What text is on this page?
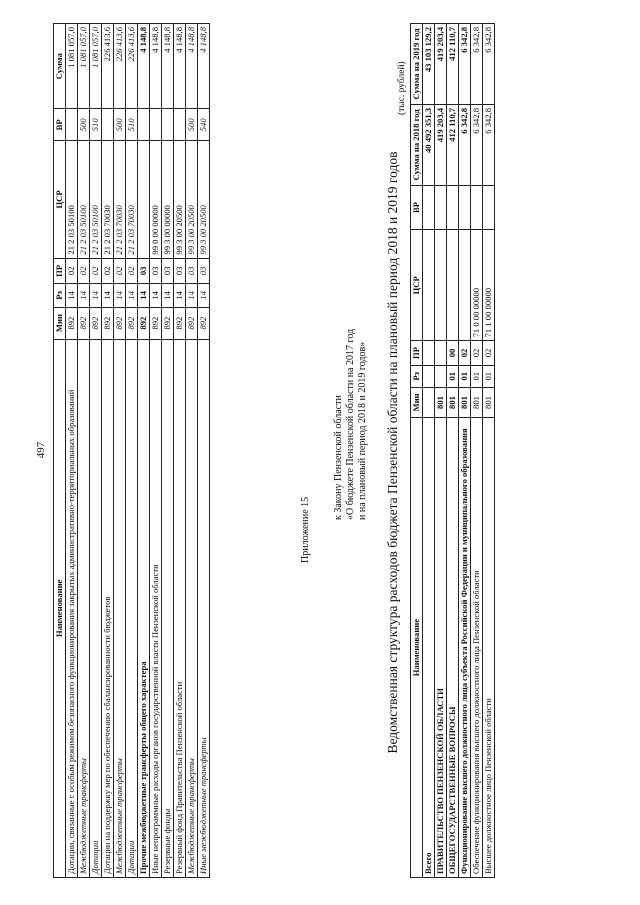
497
Наименование	Мин	Рз	ПР	ЦСР	ВР	Сумма
Дотации, связанные с особым режимом безопасного функционирования закрытых административно-территориальных образований	892	14	02	21 2 03 50100		1 081 057,0
Межбюджетные трансферты	892	14	02	21 2 03 50100	500	1 081 057,0
Дотации	892	14	02	21 2 03 50100	510	1 081 057,0
Дотации на поддержку мер по обеспечению сбалансированности бюджетов	892	14	02	21 2 03 70030		226 413,6
Межбюджетные трансферты	892	14	02	21 2 03 70030	500	226 413,6
Дотации	892	14	02	21 2 03 70030	510	226 413,6
Прочие межбюджетные трансферты общего характера	892	14	03			4 148,8
Иные непрограммные расходы органов государственной власти Пензенской области	892	14	03	99 0 00 00000		4 148,8
Резервные фонды	892	14	03	99 3 00 00000		4 148,8
Резервный фонд Правительства Пензенской области	892	14	03	99 3 00 20500		4 148,8
Межбюджетные трансферты	892	14	03	99 3 00 20500	500	4 148,8
Иные межбюджетные трансферты	892	14	03	99 3 00 20500	540	4 148,8
Приложение 15
к Закону Пензенской области «О бюджете Пензенской области на 2017 год и на плановый период 2018 и 2019 годов» Ведомственная структура расходов бюджета Пензенской области на плановый период 2018 и 2019 годов
(тыс. рублей)
Наименование	Мин	Рз	ПР	ЦСР	ВР	Сумма на 2018 год	Сумма на 2019 год
Всего						40 492 351,3	43 103 129,2
ПРАВИТЕЛЬСТВО ПЕНЗЕНСКОЙ ОБЛАСТИ	801					419 203,4	419 203,4
ОБЩЕГОСУДАРСТВЕННЫЕ ВОПРОСЫ	801	01	00			412 110,7	412 110,7
Функционирование высшего должностного лица субъекта Российской Федерации и муниципального образования	801	01	02			6 342,8	6 342,8
Обеспечение функционирования высшего должностного лица Пензенской области	801	01	02	71 0 00 00000		6 342,8	6 342,8
Высшее должностное лицо Пензенской области	801	01	02	71 1 00 00000		6 342,8	6 342,8
